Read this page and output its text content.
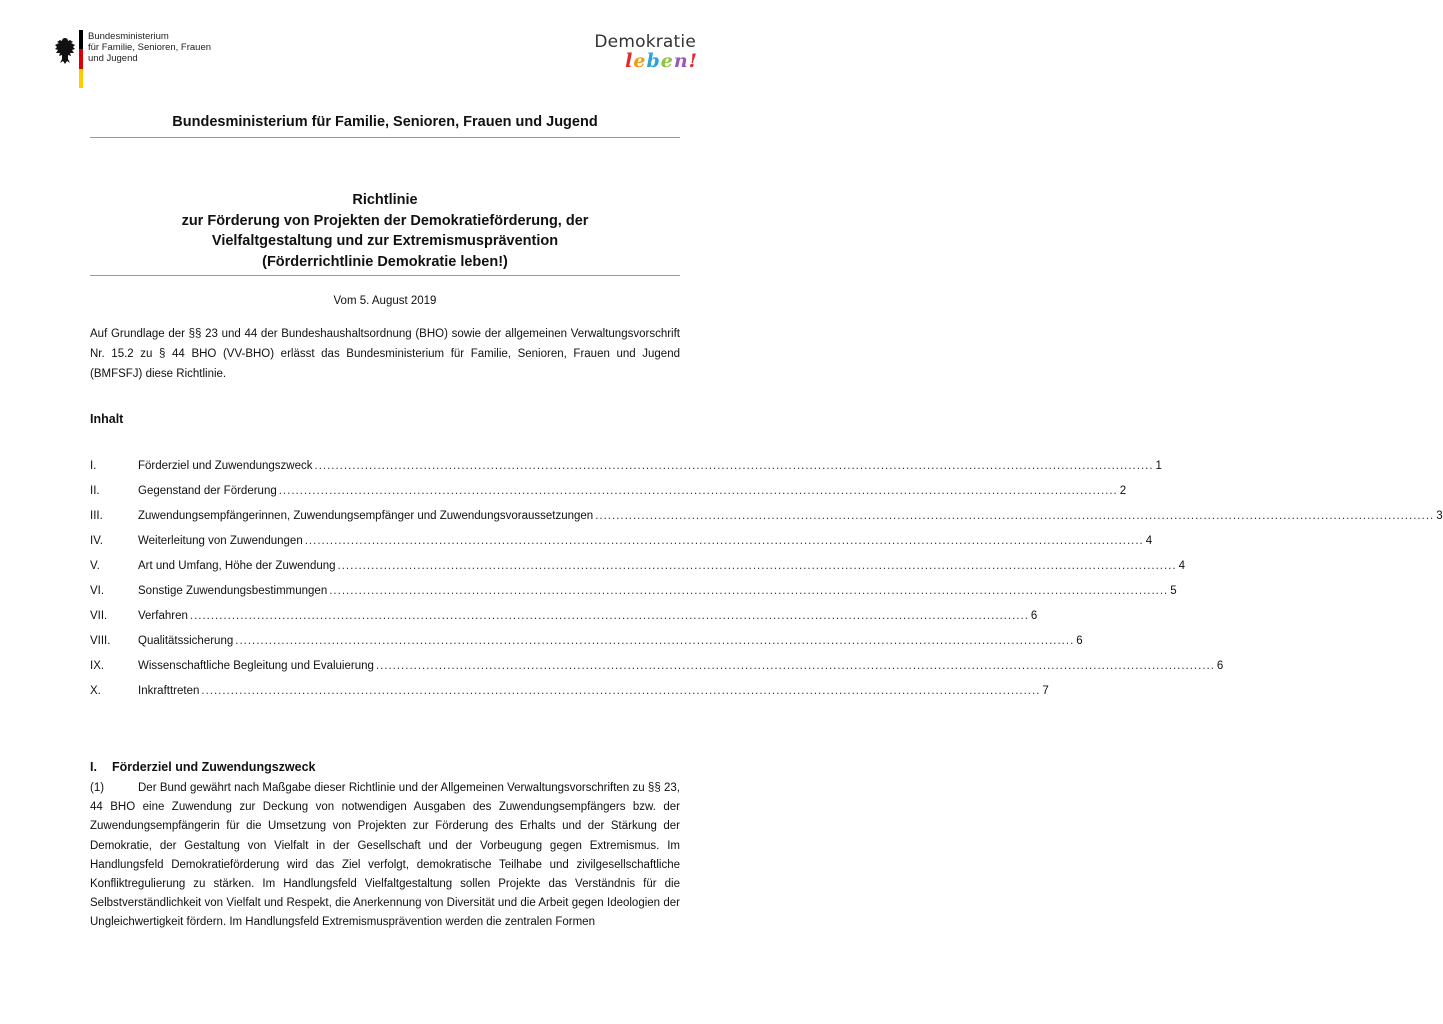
Bundesministerium
für Familie, Senioren, Frauen
und Jugend
Demokratie
leben!
Bundesministerium für Familie, Senioren, Frauen und Jugend
Richtlinie
zur Förderung von Projekten der Demokratieförderung, der
Vielfaltgestaltung und zur Extremismusprävention
(Förderrichtlinie Demokratie leben!)
Vom 5. August 2019
Auf Grundlage der §§ 23 und 44 der Bundeshaushaltsordnung (BHO) sowie der allgemeinen Verwaltungsvorschrift Nr. 15.2 zu § 44 BHO (VV-BHO) erlässt das Bundesministerium für Familie, Senioren, Frauen und Jugend (BMFSFJ) diese Richtlinie.
Inhalt
I.	Förderziel und Zuwendungszweck ........................................................................................................................................................................................................ 1
II.	Gegenstand der Förderung ........................................................................................................................................................................................................ 2
III.	Zuwendungsempfängerinnen, Zuwendungsempfänger und Zuwendungsvoraussetzungen ........................................................................................................................................................................................................ 3
IV.	Weiterleitung von Zuwendungen ........................................................................................................................................................................................................ 4
V.	Art und Umfang, Höhe der Zuwendung ........................................................................................................................................................................................................ 4
VI.	Sonstige Zuwendungsbestimmungen ........................................................................................................................................................................................................ 5
VII.	Verfahren ........................................................................................................................................................................................................ 6
VIII.	Qualitätssicherung ........................................................................................................................................................................................................ 6
IX.	Wissenschaftliche Begleitung und Evaluierung ........................................................................................................................................................................................................ 6
X.	Inkrafttreten ........................................................................................................................................................................................................ 7
I. Förderziel und Zuwendungszweck
(1)	Der Bund gewährt nach Maßgabe dieser Richtlinie und der Allgemeinen Verwaltungsvorschriften zu §§ 23, 44 BHO eine Zuwendung zur Deckung von notwendigen Ausgaben des Zuwendungsempfängers bzw. der Zuwendungsempfängerin für die Umsetzung von Projekten zur Förderung des Erhalts und der Stärkung der Demokratie, der Gestaltung von Vielfalt in der Gesellschaft und der Vorbeugung gegen Extremismus. Im Handlungsfeld Demokratieförderung wird das Ziel verfolgt, demokratische Teilhabe und zivilgesellschaftliche Konfliktregulierung zu stärken. Im Handlungsfeld Vielfaltgestaltung sollen Projekte das Verständnis für die Selbstverständlichkeit von Vielfalt und Respekt, die Anerkennung von Diversität und die Arbeit gegen Ideologien der Ungleichwertigkeit fördern. Im Handlungsfeld Extremismusprävention werden die zentralen Formen
